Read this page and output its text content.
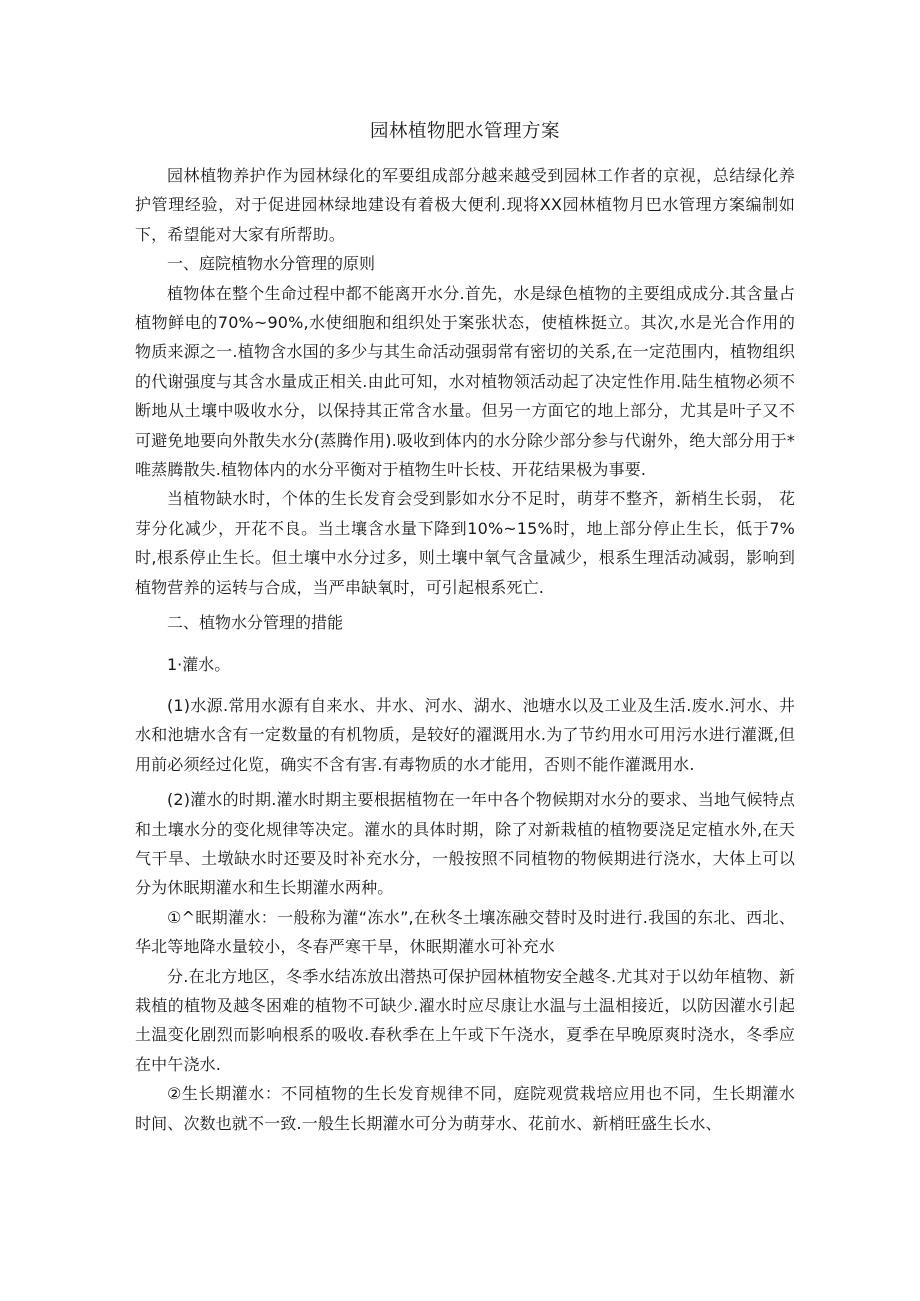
园林植物肥水管理方案

园林植物养护作为园林绿化的军要组成部分越来越受到园林工作者的京视，总结绿化养护管理经验，对于促进园林绿地建设有着极大便利.现将XX园林植物月巴水管理方案编制如下，希望能对大家有所帮助。

一、庭院植物水分管理的原则

植物体在整个生命过程中都不能离开水分.首先，水是绿色植物的主要组成成分.其含量占植物鲜电的70%~90%,水使细胞和组织处于案张状态，使植株挺立。其次,水是光合作用的物质来源之一.植物含水国的多少与其生命活动强弱常有密切的关系,在一定范围内，植物组织的代谢强度与其含水量成正相关.由此可知，水对植物领活动起了决定性作用.陆生植物必须不断地从土壤中吸收水分，以保持其正常含水量。但另一方面它的地上部分，尤其是叶子又不可避免地要向外散失水分(蒸腾作用).吸收到体内的水分除少部分参与代谢外，绝大部分用于*唯蒸腾散失.植物体内的水分平衡对于植物生叶长枝、开花结果极为事要.

当植物缺水时，个体的生长发育会受到影如水分不足时，萌芽不整齐，新梢生长弱， 花芽分化减少，开花不良。当土壤含水量下降到10%~15%时，地上部分停止生长，低于7%时,根系停止生长。但土壤中水分过多，则土壤中氧气含量减少，根系生理活动减弱，影响到植物营养的运转与合成，当严串缺氧时，可引起根系死亡.

二、植物水分管理的措能

1·灌水。

(1)水源.常用水源有自来水、井水、河水、湖水、池塘水以及工业及生活.废水.河水、井水和池塘水含有一定数量的有机物质，是较好的濯溉用水.为了节约用水可用污水进行灌溉,但用前必须经过化览，确实不含有害.有毒物质的水才能用，否则不能作灌溉用水.

(2)灌水的时期.灌水时期主要根据植物在一年中各个物候期对水分的要求、当地气候特点和土壤水分的变化规律等决定。灌水的具体时期，除了对新栽植的植物要浇足定植水外,在天气干旱、土墩缺水时还要及时补充水分，一般按照不同植物的物候期进行浇水，大体上可以分为休眠期灌水和生长期灌水两种。

①^眠期灌水：一般称为灌“冻水”,在秋冬土壤冻融交替时及时进行.我国的东北、西北、华北等地降水量较小，冬春严寒干旱，休眠期灌水可补充水

分.在北方地区，冬季水结冻放出潜热可保护园林植物安全越冬.尤其对于以幼年植物、新栽植的植物及越冬困难的植物不可缺少.濯水时应尽康让水温与土温相接近，以防因灌水引起土温变化剧烈而影响根系的吸收.春秋季在上午或下午浇水，夏季在早晚原爽时浇水，冬季应在中午浇水.

②生长期灌水：不同植物的生长发育规律不同，庭院观赏栽培应用也不同，生长期灌水时间、次数也就不一致.一般生长期灌水可分为萌芽水、花前水、新梢旺盛生长水、
